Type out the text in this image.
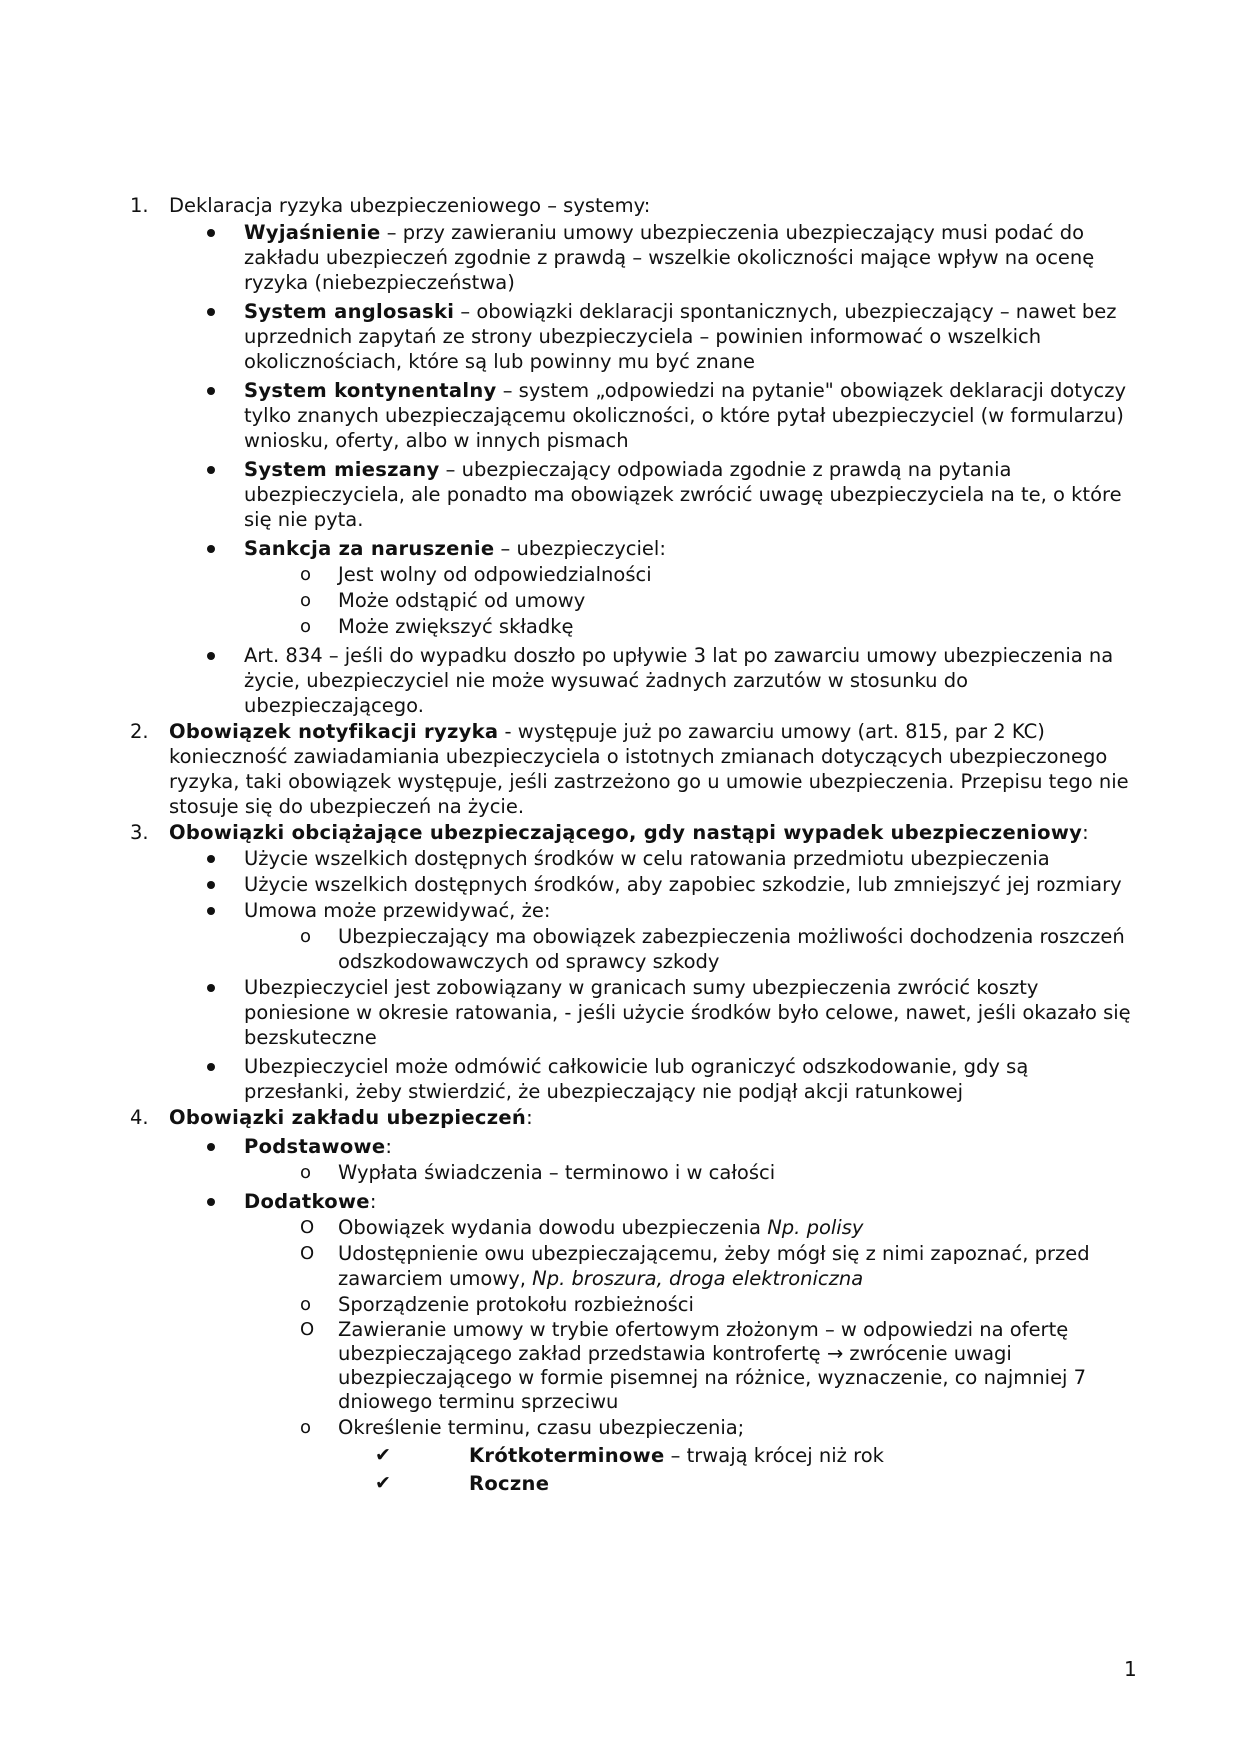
1.	Deklaracja ryzyka ubezpieczeniowego – systemy:
Wyjaśnienie – przy zawieraniu umowy ubezpieczenia ubezpieczający musi podać do zakładu ubezpieczeń zgodnie z prawdą – wszelkie okoliczności mające wpływ na ocenę ryzyka (niebezpieczeństwa)
System anglosaski – obowiązki deklaracji spontanicznych, ubezpieczający – nawet bez uprzednich zapytań ze strony ubezpieczyciela – powinien informować o wszelkich okolicznościach, które są lub powinny mu być znane
System kontynentalny – system „odpowiedzi na pytanie" obowiązek deklaracji dotyczy tylko znanych ubezpieczającemu okoliczności, o które pytał ubezpieczyciel (w formularzu) wniosku, oferty, albo w innych pismach
System mieszany – ubezpieczający odpowiada zgodnie z prawdą na pytania ubezpieczyciela, ale ponadto ma obowiązek zwrócić uwagę ubezpieczyciela na te, o które się nie pyta.
Sankcja za naruszenie – ubezpieczyciel:
o Jest wolny od odpowiedzialności
o Może odstąpić od umowy
o Może zwiększyć składkę
Art. 834 – jeśli do wypadku doszło po upływie 3 lat po zawarciu umowy ubezpieczenia na życie, ubezpieczyciel nie może wysuwać żadnych zarzutów w stosunku do ubezpieczającego.
2.	Obowiązek notyfikacji ryzyka - występuje już po zawarciu umowy (art. 815, par 2 KC) konieczność zawiadamiania ubezpieczyciela o istotnych zmianach dotyczących ubezpieczonego ryzyka, taki obowiązek występuje, jeśli zastrzeżono go u umowie ubezpieczenia. Przepisu tego nie stosuje się do ubezpieczeń na życie.
3.	Obowiązki obciążające ubezpieczającego, gdy nastąpi wypadek ubezpieczeniowy:
Użycie wszelkich dostępnych środków w celu ratowania przedmiotu ubezpieczenia
Użycie wszelkich dostępnych środków, aby zapobiec szkodzie, lub zmniejszyć jej rozmiary
Umowa może przewidywać, że:
o Ubezpieczający ma obowiązek zabezpieczenia możliwości dochodzenia roszczeń odszkodowawczych od sprawcy szkody
Ubezpieczyciel jest zobowiązany w granicach sumy ubezpieczenia zwrócić koszty poniesione w okresie ratowania, - jeśli użycie środków było celowe, nawet, jeśli okazało się bezskuteczne
Ubezpieczyciel może odmówić całkowicie lub ograniczyć odszkodowanie, gdy są przesłanki, żeby stwierdzić, że ubezpieczający nie podjął akcji ratunkowej
4.	Obowiązki zakładu ubezpieczeń:
Podstawowe:
o Wypłata świadczenia – terminowo i w całości
Dodatkowe:
O Obowiązek wydania dowodu ubezpieczenia Np. polisy
O Udostępnienie owu ubezpieczającemu, żeby mógł się z nimi zapoznać, przed zawarciem umowy, Np. broszura, droga elektroniczna
o Sporządzenie protokołu rozbieżności
O Zawieranie umowy w trybie ofertowym złożonym – w odpowiedzi na ofertę ubezpieczającego zakład przedstawia kontrofertę → zwrócenie uwagi ubezpieczającego w formie pisemnej na różnice, wyznaczenie, co najmniej 7 dniowego terminu sprzeciwu
o Określenie terminu, czasu ubezpieczenia;
✔	Krótkoterminowe – trwają krócej niż rok
✔	Roczne
1
